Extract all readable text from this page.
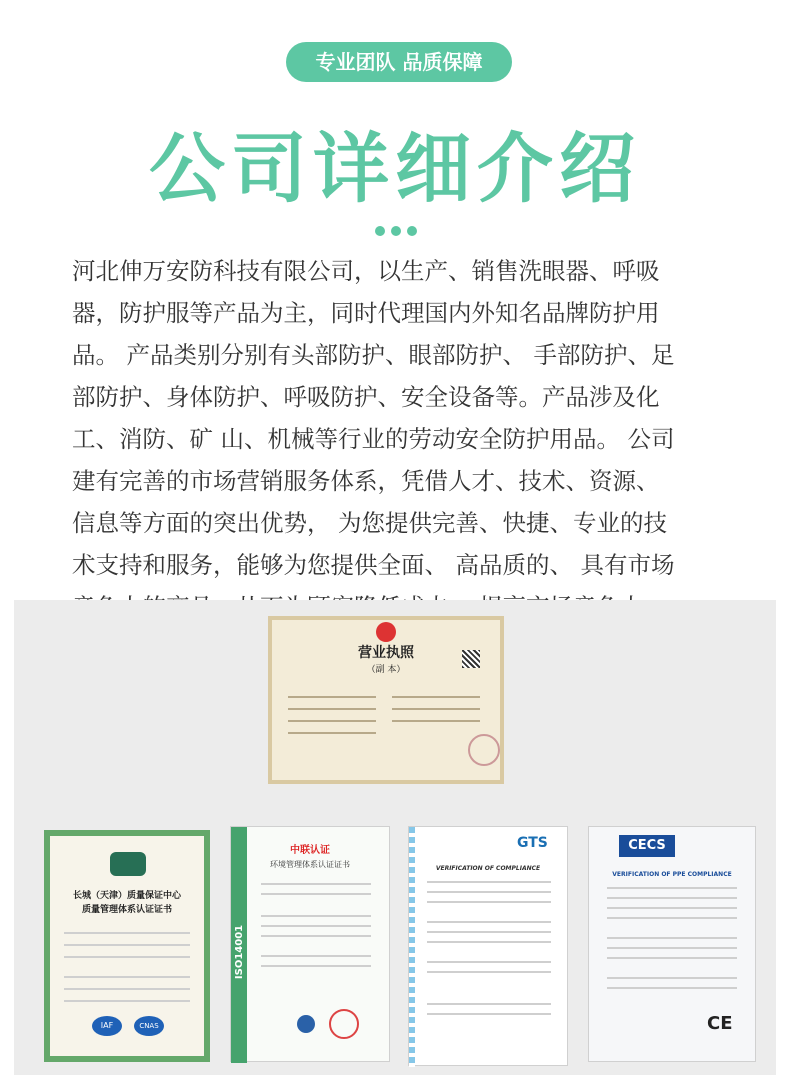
专业团队 品质保障
公司详细介绍
河北伸万安防科技有限公司，以生产、销售洗眼器、呼吸
器，防护服等产品为主，同时代理国内外知名品牌防护用
品。 产品类别分别有头部防护、眼部防护、 手部防护、足
部防护、身体防护、呼吸防护、安全设备等。产品涉及化
工、消防、矿 山、机械等行业的劳动安全防护用品。 公司
建有完善的市场营销服务体系，凭借人才、技术、资源、
信息等方面的突出优势， 为您提供完善、快捷、专业的技
术支持和服务，能够为您提供全面、 高品质的、 具有市场
营业执照
（副 本）
长城（天津）质量保证中心
质量管理体系认证证书
IAF	CNAS
ISO14001
中联认证
环境管理体系认证证书
GTS
VERIFICATION OF COMPLIANCE
CECS
VERIFICATION OF PPE COMPLIANCE
CE
